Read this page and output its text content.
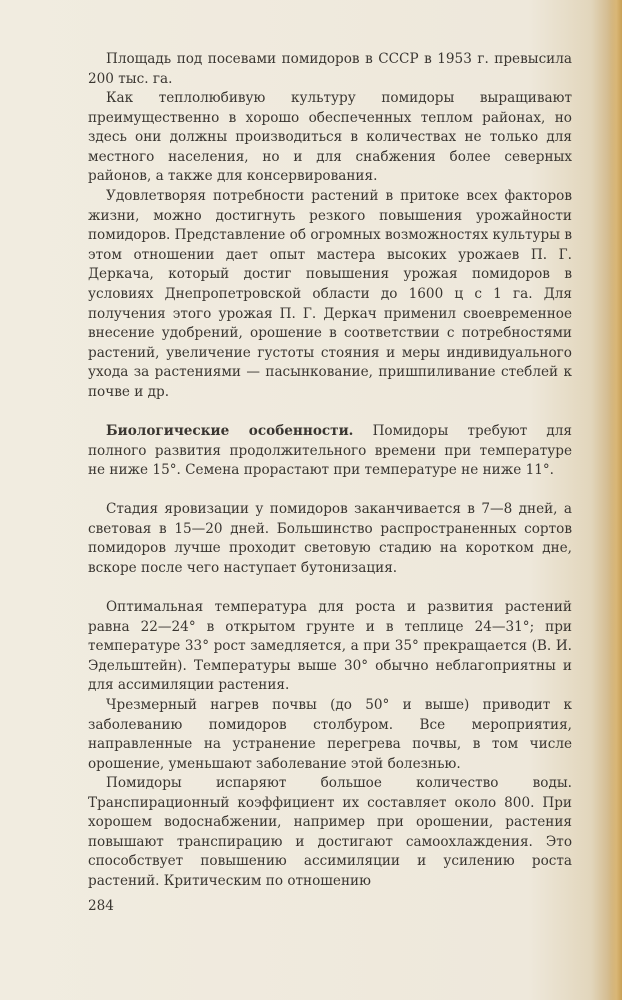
Площадь под посевами помидоров в СССР в 1953 г. превысила 200 тыс. га.

Как теплолюбивую культуру помидоры выращивают преимущественно в хорошо обеспеченных теплом районах, но здесь они должны производиться в количествах не только для местного населения, но и для снабжения более северных районов, а также для консервирования.

Удовлетворяя потребности растений в притоке всех факторов жизни, можно достигнуть резкого повышения урожайности помидоров. Представление об огромных возможностях культуры в этом отношении дает опыт мастера высоких урожаев П. Г. Деркача, который достиг повышения урожая помидоров в условиях Днепропетровской области до 1600 ц с 1 га. Для получения этого урожая П. Г. Деркач применил своевременное внесение удобрений, орошение в соответствии с потребностями растений, увеличение густоты стояния и меры индивидуального ухода за растениями — пасынкование, пришпиливание стеблей к почве и др.

Биологические особенности. Помидоры требуют для полного развития продолжительного времени при температуре не ниже 15°. Семена прорастают при температуре не ниже 11°.

Стадия яровизации у помидоров заканчивается в 7—8 дней, а световая в 15—20 дней. Большинство распространенных сортов помидоров лучше проходит световую стадию на коротком дне, вскоре после чего наступает бутонизация.

Оптимальная температура для роста и развития растений равна 22—24° в открытом грунте и в теплице 24—31°; при температуре 33° рост замедляется, а при 35° прекращается (В. И. Эдельштейн). Температуры выше 30° обычно неблагоприятны и для ассимиляции растения.

Чрезмерный нагрев почвы (до 50° и выше) приводит к заболеванию помидоров столбуром. Все мероприятия, направленные на устранение перегрева почвы, в том числе орошение, уменьшают заболевание этой болезнью.

Помидоры испаряют большое количество воды. Транспирационный коэффициент их составляет около 800. При хорошем водоснабжении, например при орошении, растения повышают транспирацию и достигают самоохлаждения. Это способствует повышению ассимиляции и усилению роста растений. Критическим по отношению

284
